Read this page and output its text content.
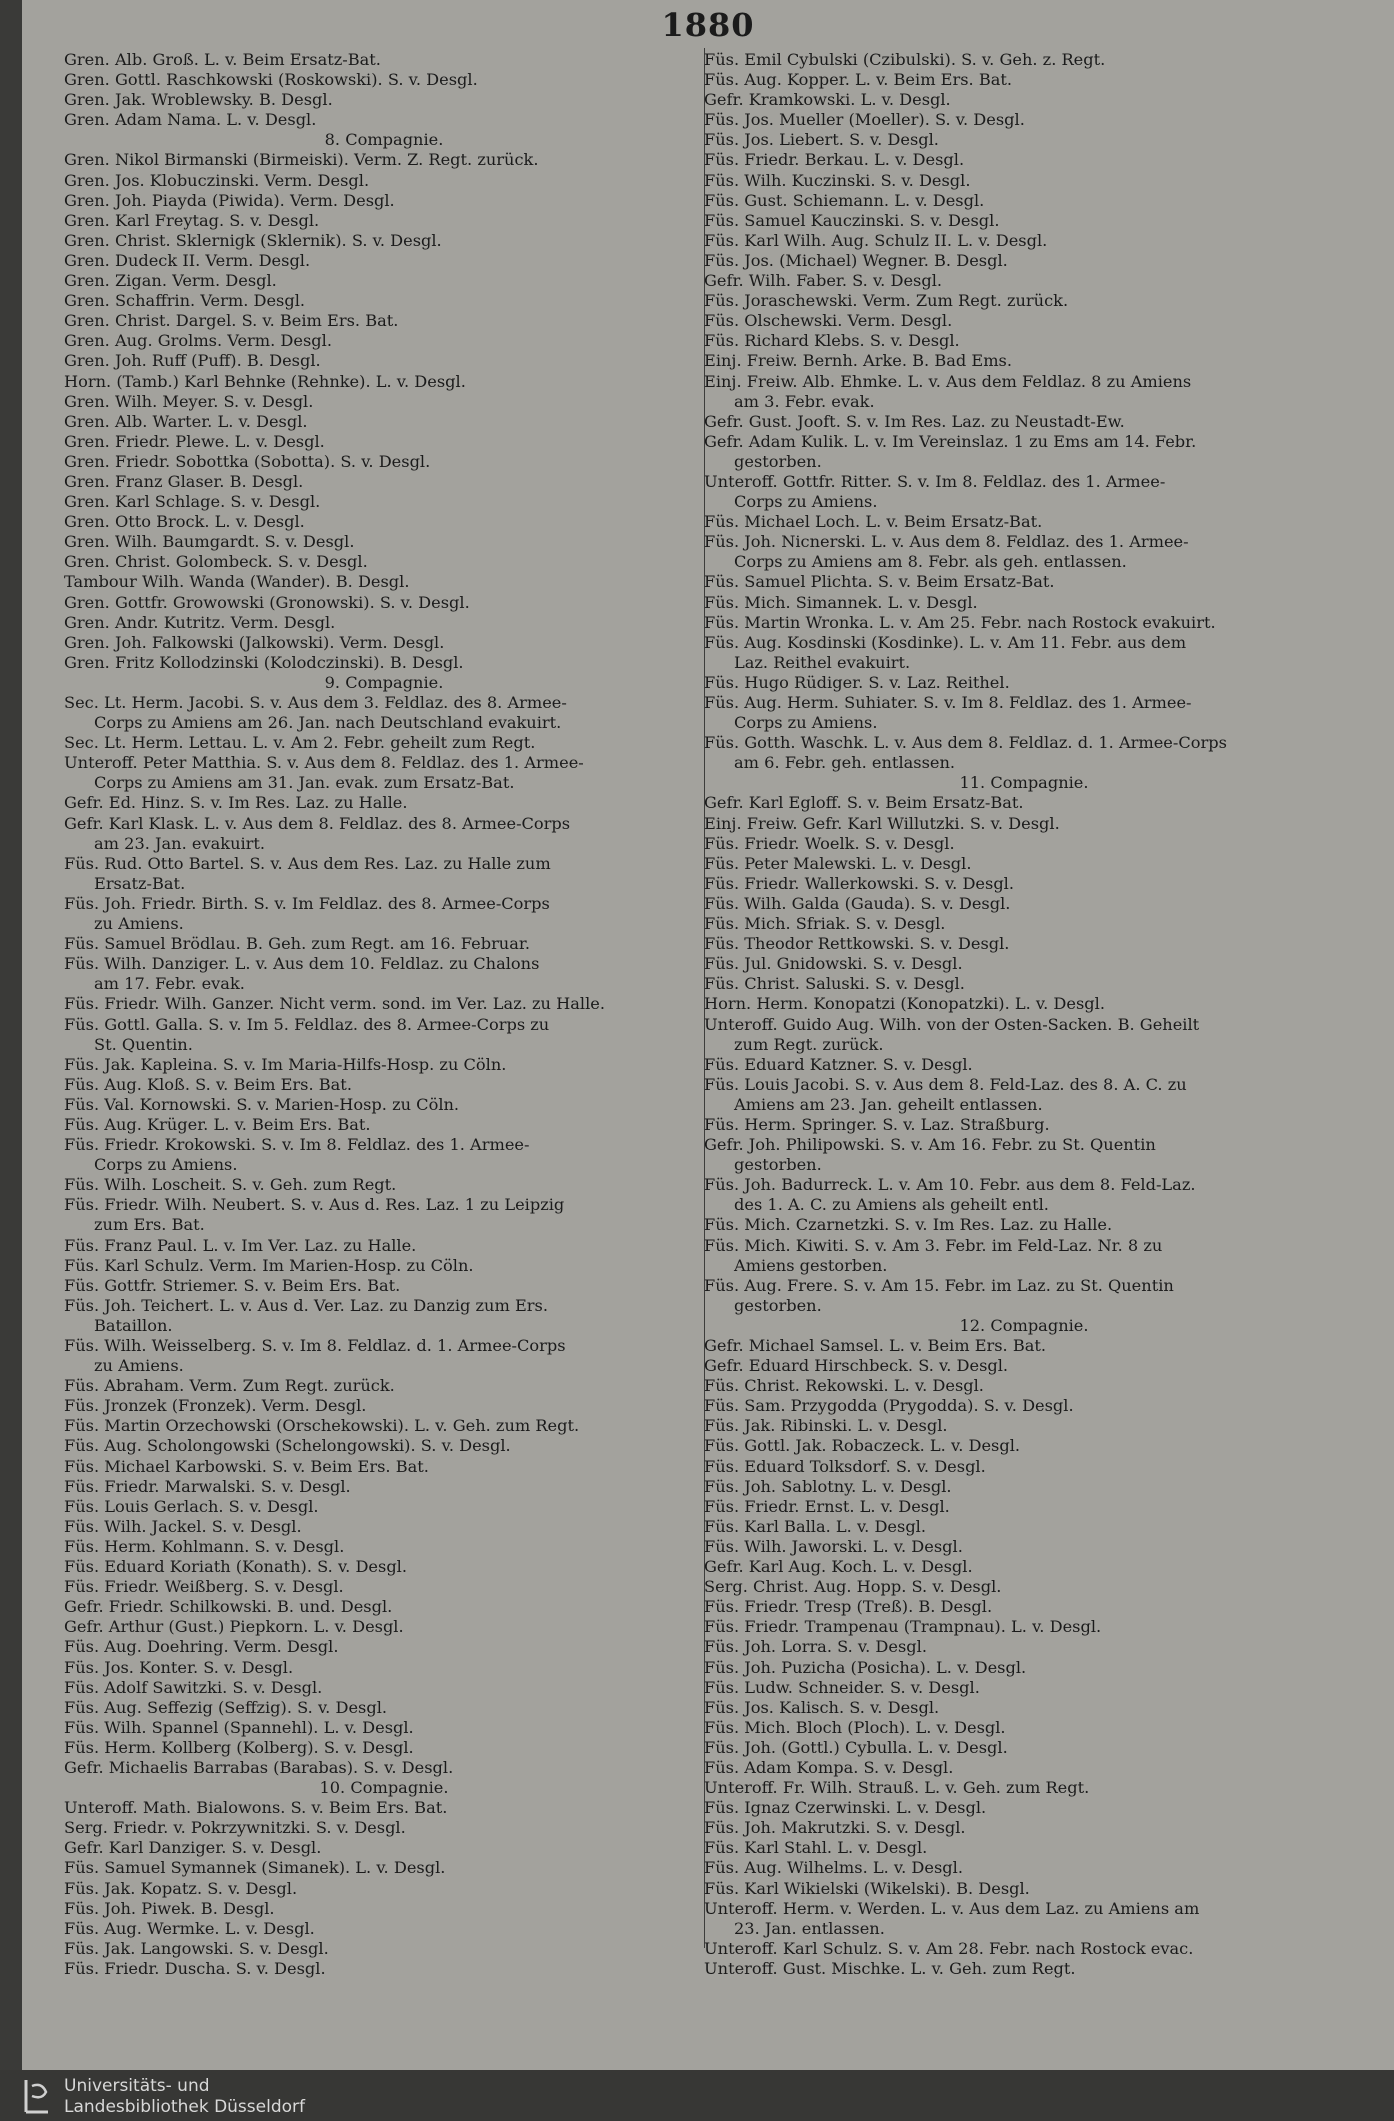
1880
Gren. Alb. Groß. L. v. Beim Ersatz-Bat.
Gren. Gottl. Raschkowski (Roskowski). S. v. Desgl.
Gren. Jak. Wroblewsky. B. Desgl.
Gren. Adam Nama. L. v. Desgl.
8. Compagnie.
Gren. Nikol Birmanski (Birmeiski). Verm. Z. Regt. zurück.
Gren. Jos. Klobuczinski. Verm. Desgl.
Gren. Joh. Piayda (Piwida). Verm. Desgl.
Gren. Karl Freytag. S. v. Desgl.
Gren. Christ. Sklernigk (Sklernik). S. v. Desgl.
Gren. Dudeck II. Verm. Desgl.
Gren. Zigan. Verm. Desgl.
Gren. Schaffrin. Verm. Desgl.
Gren. Christ. Dargel. S. v. Beim Ers. Bat.
Gren. Aug. Grolms. Verm. Desgl.
Gren. Joh. Ruff (Puff). B. Desgl.
Horn. (Tamb.) Karl Behnke (Rehnke). L. v. Desgl.
Gren. Wilh. Meyer. S. v. Desgl.
Gren. Alb. Warter. L. v. Desgl.
Gren. Friedr. Plewe. L. v. Desgl.
Gren. Friedr. Sobottka (Sobotta). S. v. Desgl.
Gren. Franz Glaser. B. Desgl.
Gren. Karl Schlage. S. v. Desgl.
Gren. Otto Brock. L. v. Desgl.
Gren. Wilh. Baumgardt. S. v. Desgl.
Gren. Christ. Golombeck. S. v. Desgl.
Tambour Wilh. Wanda (Wander). B. Desgl.
Gren. Gottfr. Growowski (Gronowski). S. v. Desgl.
Gren. Andr. Kutritz. Verm. Desgl.
Gren. Joh. Falkowski (Jalkowski). Verm. Desgl.
Gren. Fritz Kollodzinski (Kolodczinski). B. Desgl.
9. Compagnie.
Sec. Lt. Herm. Jacobi. S. v. Aus dem 3. Feldlaz. des 8. Armee-
Corps zu Amiens am 26. Jan. nach Deutschland evakuirt.
Sec. Lt. Herm. Lettau. L. v. Am 2. Febr. geheilt zum Regt.
Unteroff. Peter Matthia. S. v. Aus dem 8. Feldlaz. des 1. Armee-
Corps zu Amiens am 31. Jan. evak. zum Ersatz-Bat.
Gefr. Ed. Hinz. S. v. Im Res. Laz. zu Halle.
Gefr. Karl Klask. L. v. Aus dem 8. Feldlaz. des 8. Armee-Corps
am 23. Jan. evakuirt.
Füs. Rud. Otto Bartel. S. v. Aus dem Res. Laz. zu Halle zum
Ersatz-Bat.
Füs. Joh. Friedr. Birth. S. v. Im Feldlaz. des 8. Armee-Corps
zu Amiens.
Füs. Samuel Brödlau. B. Geh. zum Regt. am 16. Februar.
Füs. Wilh. Danziger. L. v. Aus dem 10. Feldlaz. zu Chalons
am 17. Febr. evak.
Füs. Friedr. Wilh. Ganzer. Nicht verm. sond. im Ver. Laz. zu Halle.
Füs. Gottl. Galla. S. v. Im 5. Feldlaz. des 8. Armee-Corps zu
St. Quentin.
Füs. Jak. Kapleina. S. v. Im Maria-Hilfs-Hosp. zu Cöln.
Füs. Aug. Kloß. S. v. Beim Ers. Bat.
Füs. Val. Kornowski. S. v. Marien-Hosp. zu Cöln.
Füs. Aug. Krüger. L. v. Beim Ers. Bat.
Füs. Friedr. Krokowski. S. v. Im 8. Feldlaz. des 1. Armee-
Corps zu Amiens.
Füs. Wilh. Loscheit. S. v. Geh. zum Regt.
Füs. Friedr. Wilh. Neubert. S. v. Aus d. Res. Laz. 1 zu Leipzig
zum Ers. Bat.
Füs. Franz Paul. L. v. Im Ver. Laz. zu Halle.
Füs. Karl Schulz. Verm. Im Marien-Hosp. zu Cöln.
Füs. Gottfr. Striemer. S. v. Beim Ers. Bat.
Füs. Joh. Teichert. L. v. Aus d. Ver. Laz. zu Danzig zum Ers.
Bataillon.
Füs. Wilh. Weisselberg. S. v. Im 8. Feldlaz. d. 1. Armee-Corps
zu Amiens.
Füs. Abraham. Verm. Zum Regt. zurück.
Füs. Jronzek (Fronzek). Verm. Desgl.
Füs. Martin Orzechowski (Orschekowski). L. v. Geh. zum Regt.
Füs. Aug. Scholongowski (Schelongowski). S. v. Desgl.
Füs. Michael Karbowski. S. v. Beim Ers. Bat.
Füs. Friedr. Marwalski. S. v. Desgl.
Füs. Louis Gerlach. S. v. Desgl.
Füs. Wilh. Jackel. S. v. Desgl.
Füs. Herm. Kohlmann. S. v. Desgl.
Füs. Eduard Koriath (Konath). S. v. Desgl.
Füs. Friedr. Weißberg. S. v. Desgl.
Gefr. Friedr. Schilkowski. B. und. Desgl.
Gefr. Arthur (Gust.) Piepkorn. L. v. Desgl.
Füs. Aug. Doehring. Verm. Desgl.
Füs. Jos. Konter. S. v. Desgl.
Füs. Adolf Sawitzki. S. v. Desgl.
Füs. Aug. Seffezig (Seffzig). S. v. Desgl.
Füs. Wilh. Spannel (Spannehl). L. v. Desgl.
Füs. Herm. Kollberg (Kolberg). S. v. Desgl.
Gefr. Michaelis Barrabas (Barabas). S. v. Desgl.
10. Compagnie.
Unteroff. Math. Bialowons. S. v. Beim Ers. Bat.
Serg. Friedr. v. Pokrzywnitzki. S. v. Desgl.
Gefr. Karl Danziger. S. v. Desgl.
Füs. Samuel Symannek (Simanek). L. v. Desgl.
Füs. Jak. Kopatz. S. v. Desgl.
Füs. Joh. Piwek. B. Desgl.
Füs. Aug. Wermke. L. v. Desgl.
Füs. Jak. Langowski. S. v. Desgl.
Füs. Friedr. Duscha. S. v. Desgl.
Füs. Emil Cybulski (Czibulski). S. v. Geh. z. Regt.
Füs. Aug. Kopper. L. v. Beim Ers. Bat.
Gefr. Kramkowski. L. v. Desgl.
Füs. Jos. Mueller (Moeller). S. v. Desgl.
Füs. Jos. Liebert. S. v. Desgl.
Füs. Friedr. Berkau. L. v. Desgl.
Füs. Wilh. Kuczinski. S. v. Desgl.
Füs. Gust. Schiemann. L. v. Desgl.
Füs. Samuel Kauczinski. S. v. Desgl.
Füs. Karl Wilh. Aug. Schulz II. L. v. Desgl.
Füs. Jos. (Michael) Wegner. B. Desgl.
Gefr. Wilh. Faber. S. v. Desgl.
Füs. Joraschewski. Verm. Zum Regt. zurück.
Füs. Olschewski. Verm. Desgl.
Füs. Richard Klebs. S. v. Desgl.
Einj. Freiw. Bernh. Arke. B. Bad Ems.
Einj. Freiw. Alb. Ehmke. L. v. Aus dem Feldlaz. 8 zu Amiens
am 3. Febr. evak.
Gefr. Gust. Jooft. S. v. Im Res. Laz. zu Neustadt-Ew.
Gefr. Adam Kulik. L. v. Im Vereinslaz. 1 zu Ems am 14. Febr.
gestorben.
Unteroff. Gottfr. Ritter. S. v. Im 8. Feldlaz. des 1. Armee-
Corps zu Amiens.
Füs. Michael Loch. L. v. Beim Ersatz-Bat.
Füs. Joh. Nicnerski. L. v. Aus dem 8. Feldlaz. des 1. Armee-
Corps zu Amiens am 8. Febr. als geh. entlassen.
Füs. Samuel Plichta. S. v. Beim Ersatz-Bat.
Füs. Mich. Simannek. L. v. Desgl.
Füs. Martin Wronka. L. v. Am 25. Febr. nach Rostock evakuirt.
Füs. Aug. Kosdinski (Kosdinke). L. v. Am 11. Febr. aus dem
Laz. Reithel evakuirt.
Füs. Hugo Rüdiger. S. v. Laz. Reithel.
Füs. Aug. Herm. Suhiater. S. v. Im 8. Feldlaz. des 1. Armee-
Corps zu Amiens.
Füs. Gotth. Waschk. L. v. Aus dem 8. Feldlaz. d. 1. Armee-Corps
am 6. Febr. geh. entlassen.
11. Compagnie.
Gefr. Karl Egloff. S. v. Beim Ersatz-Bat.
Einj. Freiw. Gefr. Karl Willutzki. S. v. Desgl.
Füs. Friedr. Woelk. S. v. Desgl.
Füs. Peter Malewski. L. v. Desgl.
Füs. Friedr. Wallerkowski. S. v. Desgl.
Füs. Wilh. Galda (Gauda). S. v. Desgl.
Füs. Mich. Sfriak. S. v. Desgl.
Füs. Theodor Rettkowski. S. v. Desgl.
Füs. Jul. Gnidowski. S. v. Desgl.
Füs. Christ. Saluski. S. v. Desgl.
Horn. Herm. Konopatzi (Konopatzki). L. v. Desgl.
Unteroff. Guido Aug. Wilh. von der Osten-Sacken. B. Geheilt
zum Regt. zurück.
Füs. Eduard Katzner. S. v. Desgl.
Füs. Louis Jacobi. S. v. Aus dem 8. Feld-Laz. des 8. A. C. zu
Amiens am 23. Jan. geheilt entlassen.
Füs. Herm. Springer. S. v. Laz. Straßburg.
Gefr. Joh. Philipowski. S. v. Am 16. Febr. zu St. Quentin
gestorben.
Füs. Joh. Badurreck. L. v. Am 10. Febr. aus dem 8. Feld-Laz.
des 1. A. C. zu Amiens als geheilt entl.
Füs. Mich. Czarnetzki. S. v. Im Res. Laz. zu Halle.
Füs. Mich. Kiwiti. S. v. Am 3. Febr. im Feld-Laz. Nr. 8 zu
Amiens gestorben.
Füs. Aug. Frere. S. v. Am 15. Febr. im Laz. zu St. Quentin
gestorben.
12. Compagnie.
Gefr. Michael Samsel. L. v. Beim Ers. Bat.
Gefr. Eduard Hirschbeck. S. v. Desgl.
Füs. Christ. Rekowski. L. v. Desgl.
Füs. Sam. Przygodda (Prygodda). S. v. Desgl.
Füs. Jak. Ribinski. L. v. Desgl.
Füs. Gottl. Jak. Robaczeck. L. v. Desgl.
Füs. Eduard Tolksdorf. S. v. Desgl.
Füs. Joh. Sablotny. L. v. Desgl.
Füs. Friedr. Ernst. L. v. Desgl.
Füs. Karl Balla. L. v. Desgl.
Füs. Wilh. Jaworski. L. v. Desgl.
Gefr. Karl Aug. Koch. L. v. Desgl.
Serg. Christ. Aug. Hopp. S. v. Desgl.
Füs. Friedr. Tresp (Treß). B. Desgl.
Füs. Friedr. Trampenau (Trampnau). L. v. Desgl.
Füs. Joh. Lorra. S. v. Desgl.
Füs. Joh. Puzicha (Posicha). L. v. Desgl.
Füs. Ludw. Schneider. S. v. Desgl.
Füs. Jos. Kalisch. S. v. Desgl.
Füs. Mich. Bloch (Ploch). L. v. Desgl.
Füs. Joh. (Gottl.) Cybulla. L. v. Desgl.
Füs. Adam Kompa. S. v. Desgl.
Unteroff. Fr. Wilh. Strauß. L. v. Geh. zum Regt.
Füs. Ignaz Czerwinski. L. v. Desgl.
Füs. Joh. Makrutzki. S. v. Desgl.
Füs. Karl Stahl. L. v. Desgl.
Füs. Aug. Wilhelms. L. v. Desgl.
Füs. Karl Wikielski (Wikelski). B. Desgl.
Unteroff. Herm. v. Werden. L. v. Aus dem Laz. zu Amiens am
23. Jan. entlassen.
Unteroff. Karl Schulz. S. v. Am 28. Febr. nach Rostock evac.
Unteroff. Gust. Mischke. L. v. Geh. zum Regt.
Universitäts- und
Landesbibliothek Düsseldorf
